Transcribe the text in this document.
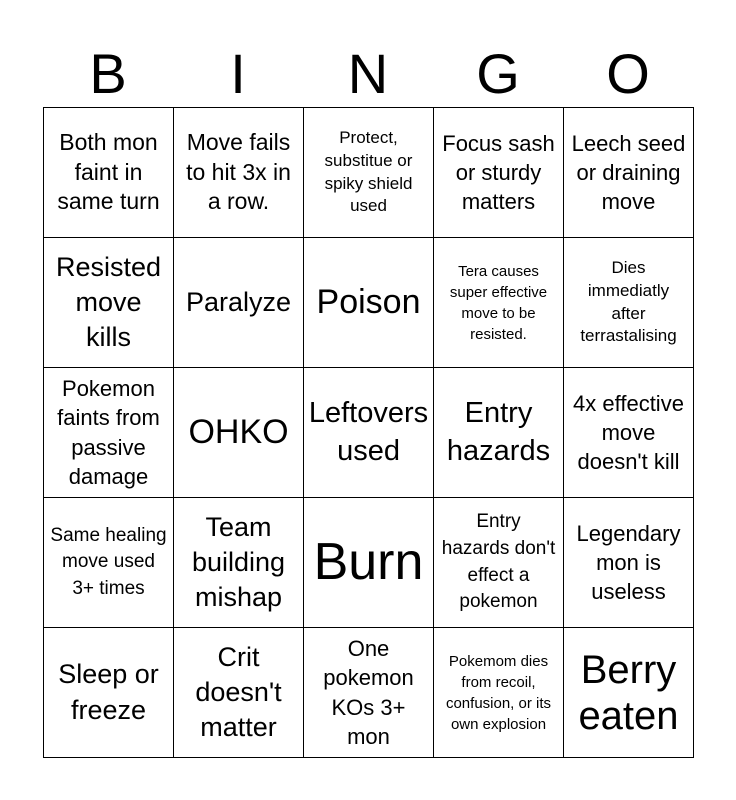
B	I	N	G	O
Both mon faint in same turn
Move fails to hit 3x in a row.
Protect, substitue or spiky shield used
Focus sash or sturdy matters
Leech seed or draining move
Resisted move kills
Paralyze Poison
Tera causes super effective move to be resisted.
Dies immediatly after terrastalising
Pokemon faints from passive damage
OHKO
Leftovers used
Entry hazards
4x effective move doesn't kill
Same healing move used 3+ times
Team building mishap
Burn
Entry hazards don't effect a pokemon
Legendary mon is useless
Sleep or freeze
Crit doesn't matter
One pokemon KOs 3+ mon
Pokemom dies from recoil, confusion, or its own explosion
Berry eaten
